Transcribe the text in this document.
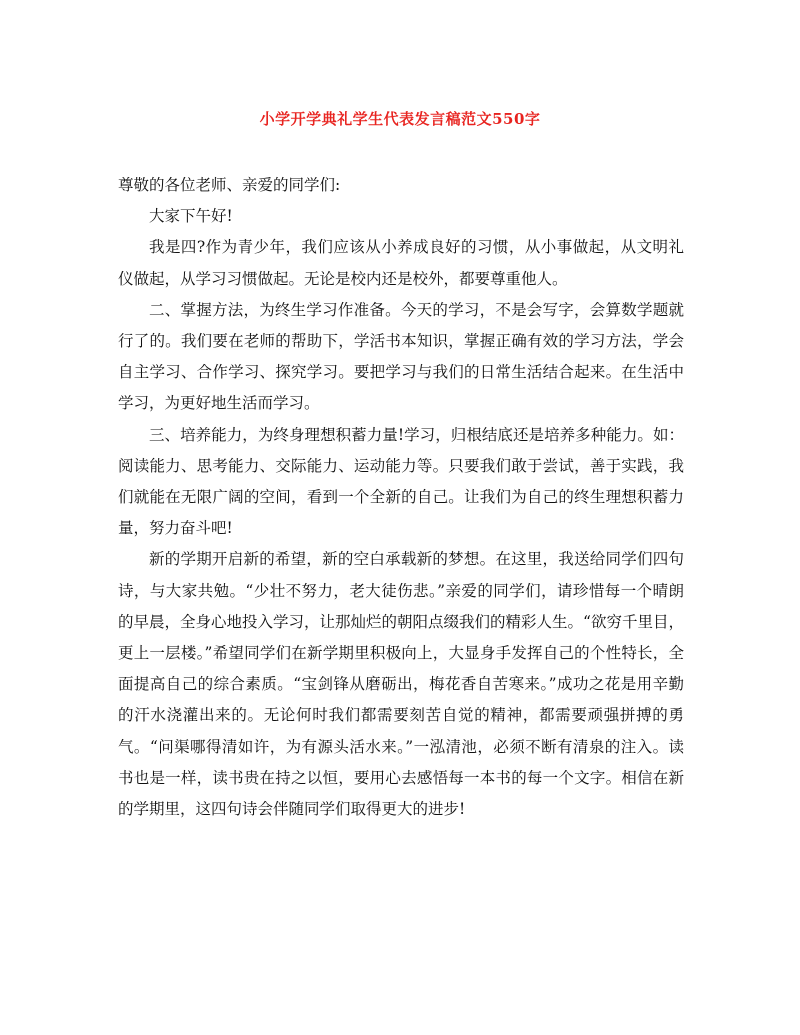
小学开学典礼学生代表发言稿范文550字

尊敬的各位老师、亲爱的同学们:

大家下午好!

我是四?作为青少年，我们应该从小养成良好的习惯，从小事做起，从文明礼仪做起，从学习习惯做起。无论是校内还是校外，都要尊重他人。

二、掌握方法，为终生学习作准备。今天的学习，不是会写字，会算数学题就行了的。我们要在老师的帮助下，学活书本知识，掌握正确有效的学习方法，学会自主学习、合作学习、探究学习。要把学习与我们的日常生活结合起来。在生活中学习，为更好地生活而学习。

三、培养能力，为终身理想积蓄力量!学习，归根结底还是培养多种能力。如：阅读能力、思考能力、交际能力、运动能力等。只要我们敢于尝试，善于实践，我们就能在无限广阔的空间，看到一个全新的自己。让我们为自己的终生理想积蓄力量，努力奋斗吧!

新的学期开启新的希望，新的空白承载新的梦想。在这里，我送给同学们四句诗，与大家共勉。“少壮不努力，老大徒伤悲。”亲爱的同学们，请珍惜每一个晴朗的早晨，全身心地投入学习，让那灿烂的朝阳点缀我们的精彩人生。“欲穷千里目，更上一层楼。”希望同学们在新学期里积极向上，大显身手发挥自己的个性特长，全面提高自己的综合素质。“宝剑锋从磨砺出，梅花香自苦寒来。”成功之花是用辛勤的汗水浇灌出来的。无论何时我们都需要刻苦自觉的精神，都需要顽强拼搏的勇气。“问渠哪得清如许，为有源头活水来。”一泓清池，必须不断有清泉的注入。读书也是一样，读书贵在持之以恒，要用心去感悟每一本书的每一个文字。相信在新的学期里，这四句诗会伴随同学们取得更大的进步!
